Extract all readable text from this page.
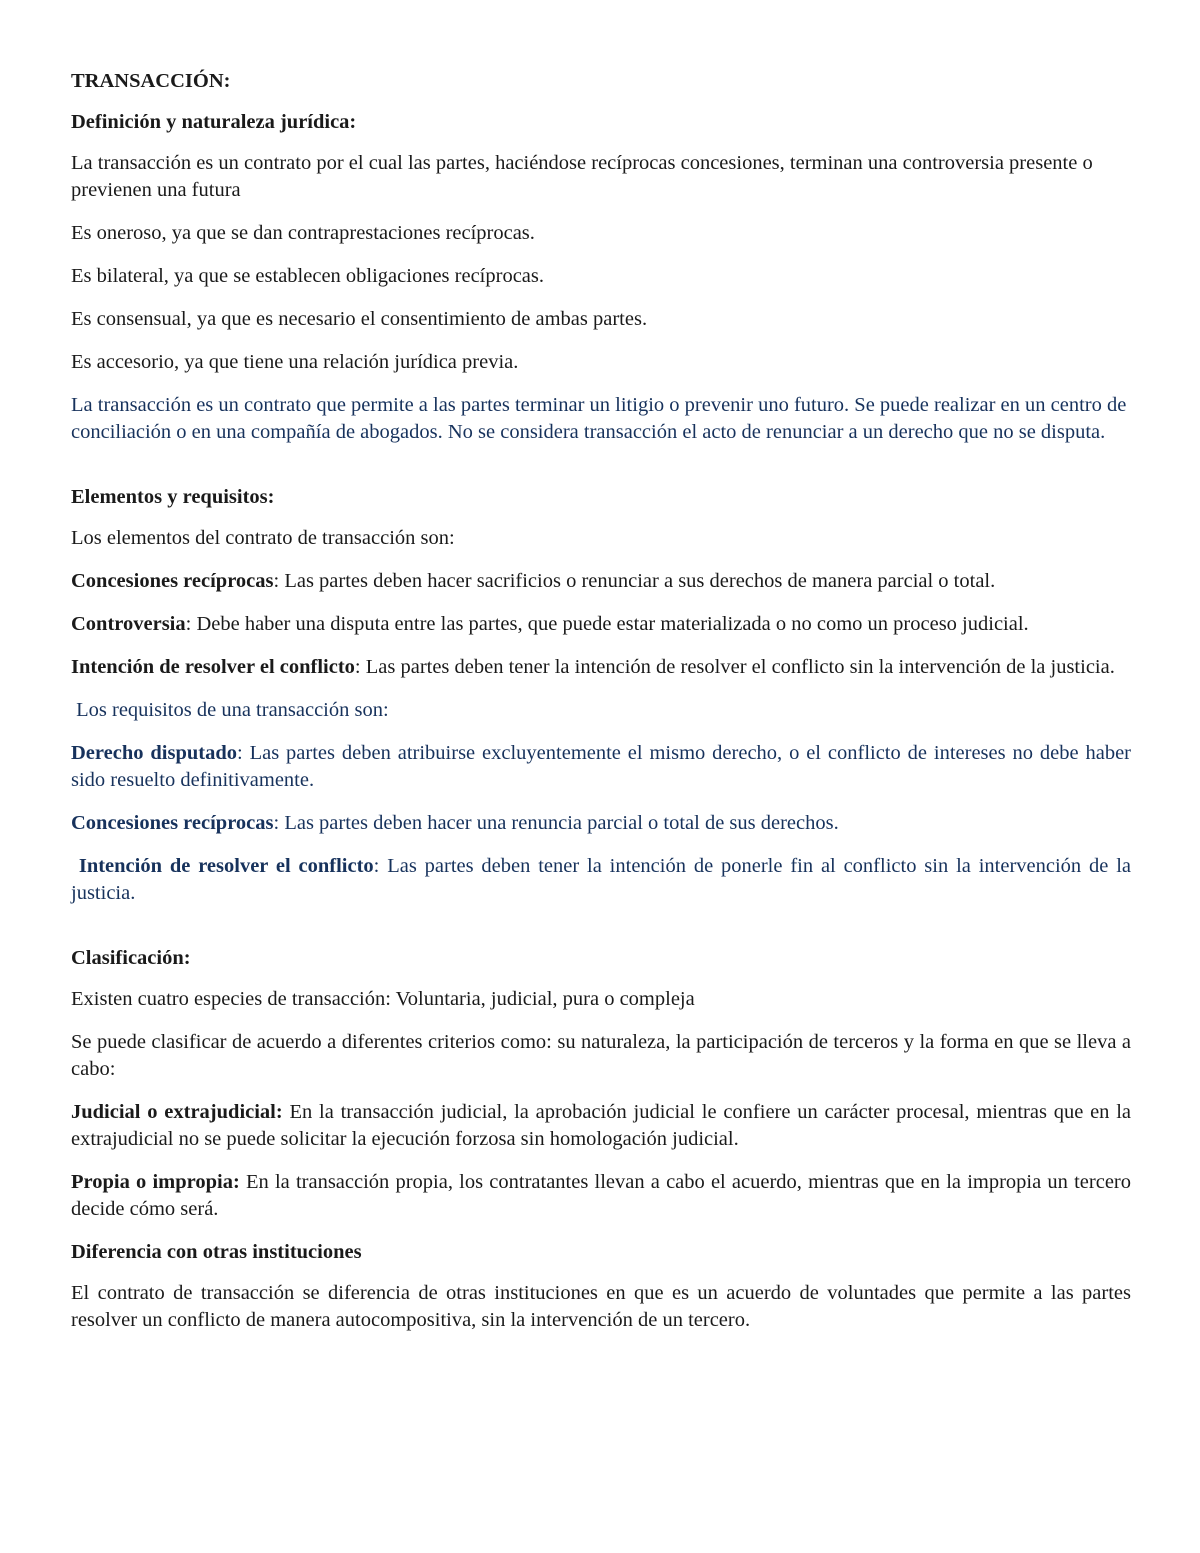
TRANSACCIÓN:

Definición y naturaleza jurídica:

La transacción es un contrato por el cual las partes, haciéndose recíprocas concesiones, terminan una controversia presente o previenen una futura

Es oneroso, ya que se dan contraprestaciones recíprocas.

Es bilateral, ya que se establecen obligaciones recíprocas.

Es consensual, ya que es necesario el consentimiento de ambas partes.

Es accesorio, ya que tiene una relación jurídica previa.

La transacción es un contrato que permite a las partes terminar un litigio o prevenir uno futuro. Se puede realizar en un centro de conciliación o en una compañía de abogados. No se considera transacción el acto de renunciar a un derecho que no se disputa.

Elementos y requisitos:

Los elementos del contrato de transacción son:

Concesiones recíprocas: Las partes deben hacer sacrificios o renunciar a sus derechos de manera parcial o total.

Controversia: Debe haber una disputa entre las partes, que puede estar materializada o no como un proceso judicial.

Intención de resolver el conflicto: Las partes deben tener la intención de resolver el conflicto sin la intervención de la justicia.

Los requisitos de una transacción son:

Derecho disputado: Las partes deben atribuirse excluyentemente el mismo derecho, o el conflicto de intereses no debe haber sido resuelto definitivamente.

Concesiones recíprocas: Las partes deben hacer una renuncia parcial o total de sus derechos.

Intención de resolver el conflicto: Las partes deben tener la intención de ponerle fin al conflicto sin la intervención de la justicia.

Clasificación:

Existen cuatro especies de transacción: Voluntaria, judicial, pura o compleja

Se puede clasificar de acuerdo a diferentes criterios como: su naturaleza, la participación de terceros y la forma en que se lleva a cabo:

Judicial o extrajudicial: En la transacción judicial, la aprobación judicial le confiere un carácter procesal, mientras que en la extrajudicial no se puede solicitar la ejecución forzosa sin homologación judicial.

Propia o impropia: En la transacción propia, los contratantes llevan a cabo el acuerdo, mientras que en la impropia un tercero decide cómo será.

Diferencia con otras instituciones

El contrato de transacción se diferencia de otras instituciones en que es un acuerdo de voluntades que permite a las partes resolver un conflicto de manera autocompositiva, sin la intervención de un tercero.
